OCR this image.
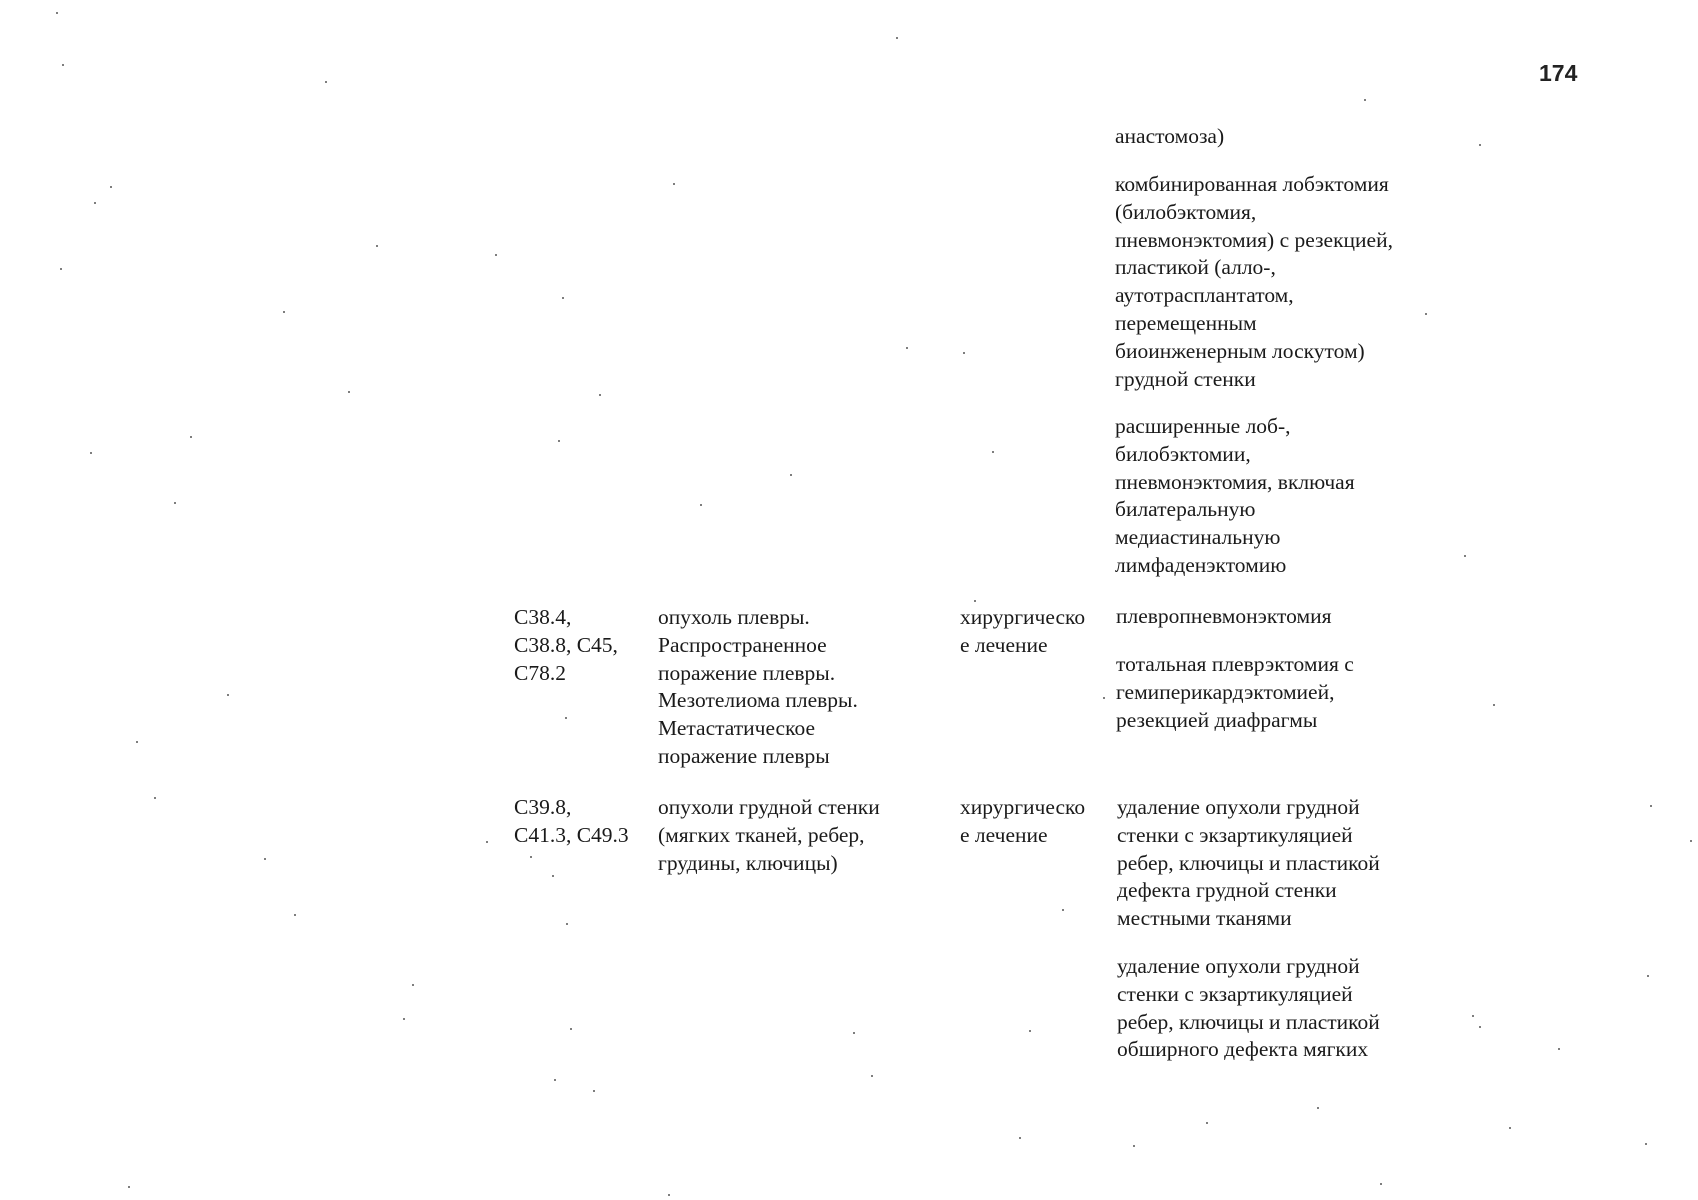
174
анастомоза)
комбинированная лобэктомия
(билобэктомия,
пневмонэктомия) с резекцией,
пластикой (алло-,
аутотрасплантатом,
перемещенным
биоинженерным лоскутом)
грудной стенки
расширенные лоб-,
билобэктомии,
пневмонэктомия, включая
билатеральную
медиастинальную
лимфаденэктомию
C38.4,
C38.8, C45,
C78.2
опухоль плевры.
Распространенное
поражение плевры.
Мезотелиома плевры.
Метастатическое
поражение плевры
хирургическо
е лечение
плевропневмонэктомия
тотальная плеврэктомия с
гемиперикардэктомией,
резекцией диафрагмы
C39.8,
C41.3, C49.3
опухоли грудной стенки
(мягких тканей, ребер,
грудины, ключицы)
хирургическо
е лечение
удаление опухоли грудной
стенки с экзартикуляцией
ребер, ключицы и пластикой
дефекта грудной стенки
местными тканями
удаление опухоли грудной
стенки с экзартикуляцией
ребер, ключицы и пластикой
обширного дефекта мягких
